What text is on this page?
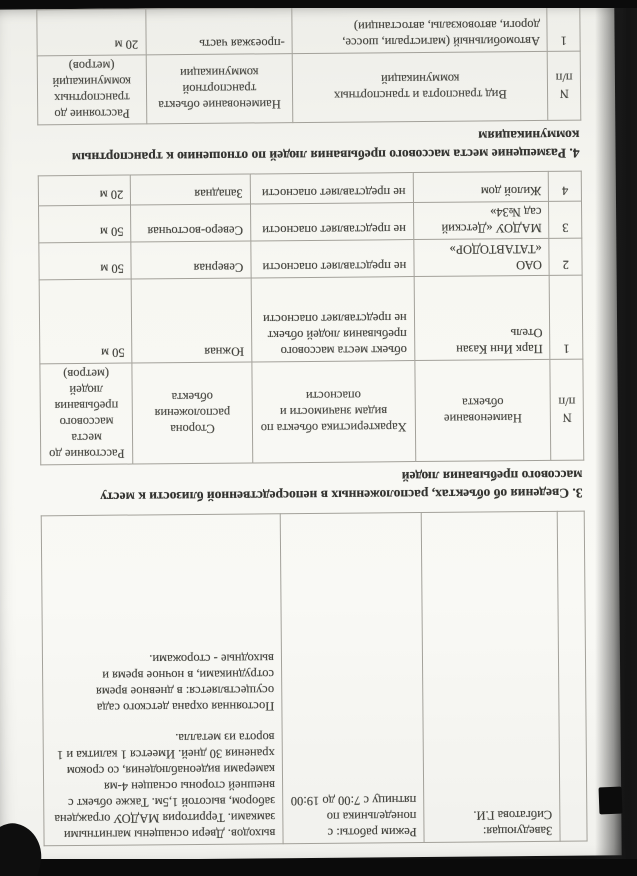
	Заведующая: Сибгатова Г.И.	Режим работы: с понедельника по пятницу с 7:00 до 19:00	

выходов. Двери оснащены магнитными замками. Территория МАДОУ ограждена забором, высотой 1,5м. Также объект с внешней стороны оснащен 4-мя камерами видеонаблюдения, со сроком хранения 30 дней. Имеется 1 калитка и 1 ворота из металла.

Постоянная охрана детского сада осуществляется: в дневное время сотрудниками, в ночное время и выходные - сторожами.

3. Сведения об объектах, расположенных в непосредственной близости к месту массового пребывания людей
N п/п	Наименование объекта	Характеристика объекта по видам значимости и опасности	Сторона расположения объекта	Расстояние до места массового пребывания людей (метров)
1	Парк Инн Казан Отель	объект места массового пребывания людей объект не представляет опасности	Южная	50 м
2	ОАО «ТАТАВТОДОР»	не представляет опасности	Северная	50 м
3	МАДОУ «Детский сад №34»	не представляет опасности	Северо-восточная	50 м
4	Жилой дом	не представляет опасности	Западная	20 м
4. Размещение места массового пребывания людей по отношению к транспортным коммуникациям
N п/п	Вид транспорта и транспортных коммуникаций	Наименование объекта транспортной коммуникации	Расстояние до транспортных коммуникаций (метров)
1	Автомобильный (магистрали, шоссе, дороги, автовокзалы, автостанции)	-проезжая часть	20 м
